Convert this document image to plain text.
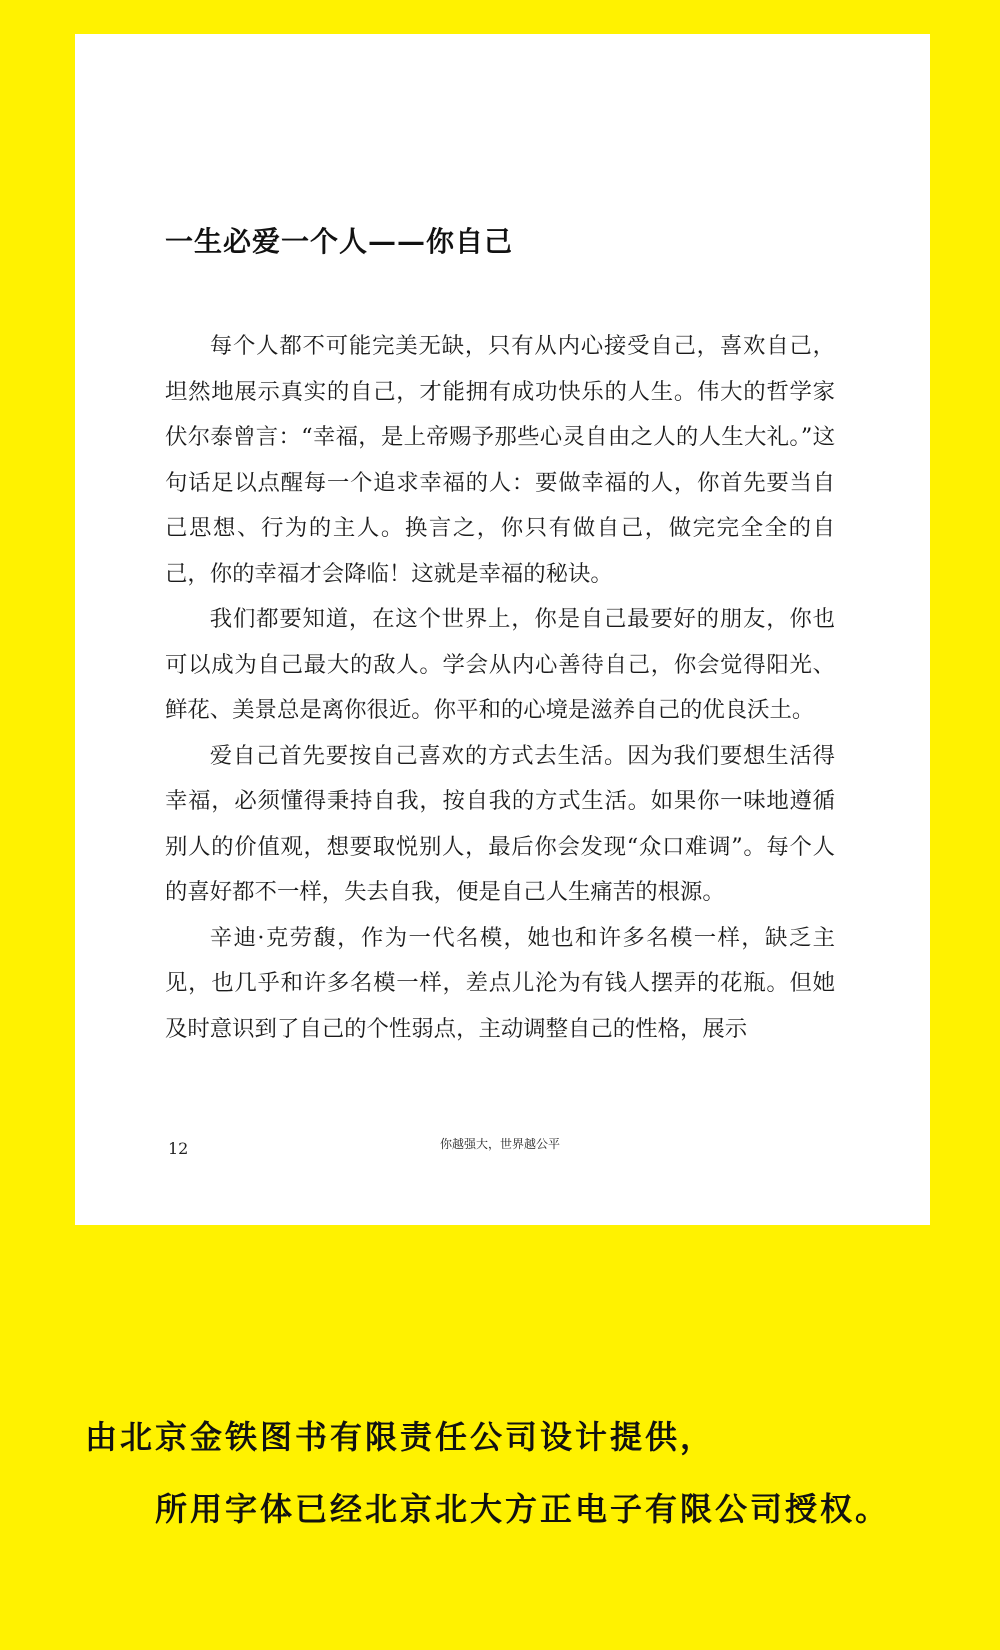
一生必爱一个人——你自己

每个人都不可能完美无缺，只有从内心接受自己，喜欢自己，坦然地展示真实的自己，才能拥有成功快乐的人生。伟大的哲学家伏尔泰曾言：“幸福，是上帝赐予那些心灵自由之人的人生大礼。”这句话足以点醒每一个追求幸福的人：要做幸福的人，你首先要当自己思想、行为的主人。换言之，你只有做自己，做完完全全的自己，你的幸福才会降临！这就是幸福的秘诀。

我们都要知道，在这个世界上，你是自己最要好的朋友，你也可以成为自己最大的敌人。学会从内心善待自己，你会觉得阳光、鲜花、美景总是离你很近。你平和的心境是滋养自己的优良沃土。

爱自己首先要按自己喜欢的方式去生活。因为我们要想生活得幸福，必须懂得秉持自我，按自我的方式生活。如果你一味地遵循别人的价值观，想要取悦别人，最后你会发现“众口难调”。每个人的喜好都不一样，失去自我，便是自己人生痛苦的根源。

辛迪·克劳馥，作为一代名模，她也和许多名模一样，缺乏主见，也几乎和许多名模一样，差点儿沦为有钱人摆弄的花瓶。但她及时意识到了自己的个性弱点，主动调整自己的性格，展示

12	你越强大，世界越公平
由北京金铁图书有限责任公司设计提供，
所用字体已经北京北大方正电子有限公司授权。
